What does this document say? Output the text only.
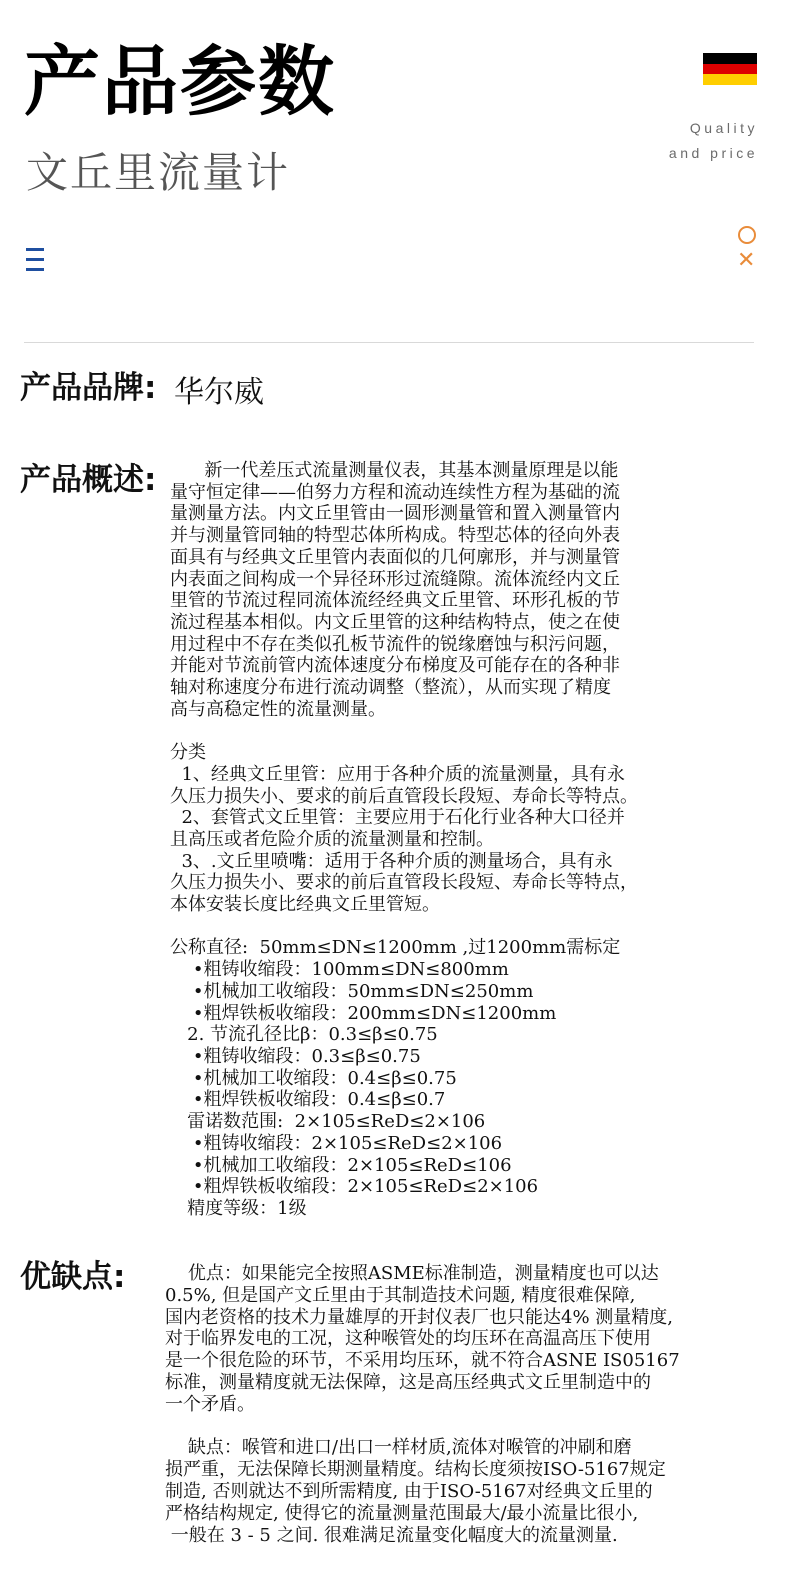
产品参数
文丘里流量计
Quality
and price
✕
产品品牌: 华尔威
产品概述: 新一代差压式流量测量仪表，其基本测量原理是以能
量守恒定律——伯努力方程和流动连续性方程为基础的流
量测量方法。内文丘里管由一圆形测量管和置入测量管内
并与测量管同轴的特型芯体所构成。特型芯体的径向外表
面具有与经典文丘里管内表面似的几何廓形，并与测量管
内表面之间构成一个异径环形过流缝隙。流体流经内文丘
里管的节流过程同流体流经经典文丘里管、环形孔板的节
流过程基本相似。内文丘里管的这种结构特点，使之在使
用过程中不存在类似孔板节流件的锐缘磨蚀与积污问题，
并能对节流前管内流体速度分布梯度及可能存在的各种非
轴对称速度分布进行流动调整（整流），从而实现了精度
高与高稳定性的流量测量。

分类
1、经典文丘里管：应用于各种介质的流量测量，具有永
久压力损失小、要求的前后直管段长段短、寿命长等特点。
2、套管式文丘里管：主要应用于石化行业各种大口径并
且高压或者危险介质的流量测量和控制。
3、.文丘里喷嘴：适用于各种介质的测量场合，具有永
久压力损失小、要求的前后直管段长段短、寿命长等特点，
本体安装长度比经典文丘里管短。

公称直径:  50mm≤DN≤1200mm ,过1200mm需标定
•粗铸收缩段：100mm≤DN≤800mm
•机械加工收缩段：50mm≤DN≤250mm
•粗焊铁板收缩段：200mm≤DN≤1200mm
2. 节流孔径比β：0.3≤β≤0.75
•粗铸收缩段：0.3≤β≤0.75
•机械加工收缩段：0.4≤β≤0.75
•粗焊铁板收缩段：0.4≤β≤0.7
雷诺数范围:  2×105≤ReD≤2×106
•粗铸收缩段：2×105≤ReD≤2×106
•机械加工收缩段：2×105≤ReD≤106
•粗焊铁板收缩段：2×105≤ReD≤2×106
精度等级：1级
优缺点: 优点：如果能完全按照ASME标准制造，测量精度也可以达
0.5%, 但是国产文丘里由于其制造技术问题, 精度很难保障,
国内老资格的技术力量雄厚的开封仪表厂也只能达4% 测量精度,
对于临界发电的工况，这种喉管处的均压环在高温高压下使用
是一个很危险的环节，不采用均压环，就不符合ASNE IS05167
标准，测量精度就无法保障，这是高压经典式文丘里制造中的
一个矛盾。

缺点：喉管和进口/出口一样材质,流体对喉管的冲刷和磨
损严重，无法保障长期测量精度。结构长度须按ISO-5167规定
制造, 否则就达不到所需精度, 由于ISO-5167对经典文丘里的
严格结构规定, 使得它的流量测量范围最大/最小流量比很小,
一般在 3 - 5 之间. 很难满足流量变化幅度大的流量测量.
